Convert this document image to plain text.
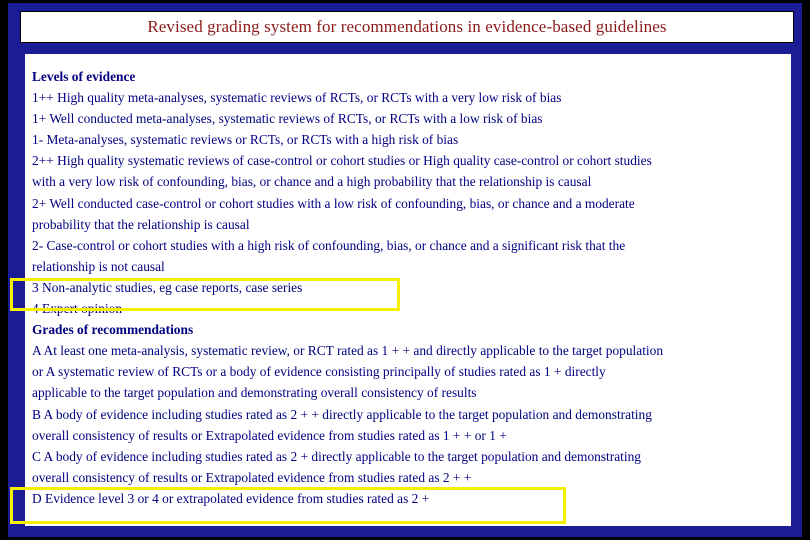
Revised grading system for recommendations in evidence-based guidelines
Levels of evidence
1++ High quality meta-analyses, systematic reviews of RCTs, or RCTs with a very low risk of bias
1+ Well conducted meta-analyses, systematic reviews of RCTs, or RCTs with a low risk of bias
1- Meta-analyses, systematic reviews or RCTs, or RCTs with a high risk of bias
2++ High quality systematic reviews of case-control or cohort studies or High quality case-control or cohort studies
with a very low risk of confounding, bias, or chance and a high probability that the relationship is causal
2+ Well conducted case-control or cohort studies with a low risk of confounding, bias, or chance and a moderate
probability that the relationship is causal
2- Case-control or cohort studies with a high risk of confounding, bias, or chance and a significant risk that the
relationship is not causal
3 Non-analytic studies, eg case reports, case series
4 Expert opinion
Grades of recommendations
A At least one meta-analysis, systematic review, or RCT rated as 1 + + and directly applicable to the target population
or A systematic review of RCTs or a body of evidence consisting principally of studies rated as 1 + directly
applicable to the target population and demonstrating overall consistency of results
B A body of evidence including studies rated as 2 + + directly applicable to the target population and demonstrating
overall consistency of results or Extrapolated evidence from studies rated as 1 + + or 1 +
C A body of evidence including studies rated as 2 + directly applicable to the target population and demonstrating
overall consistency of results or Extrapolated evidence from studies rated as 2 + +
D Evidence level 3 or 4 or extrapolated evidence from studies rated as 2 +
